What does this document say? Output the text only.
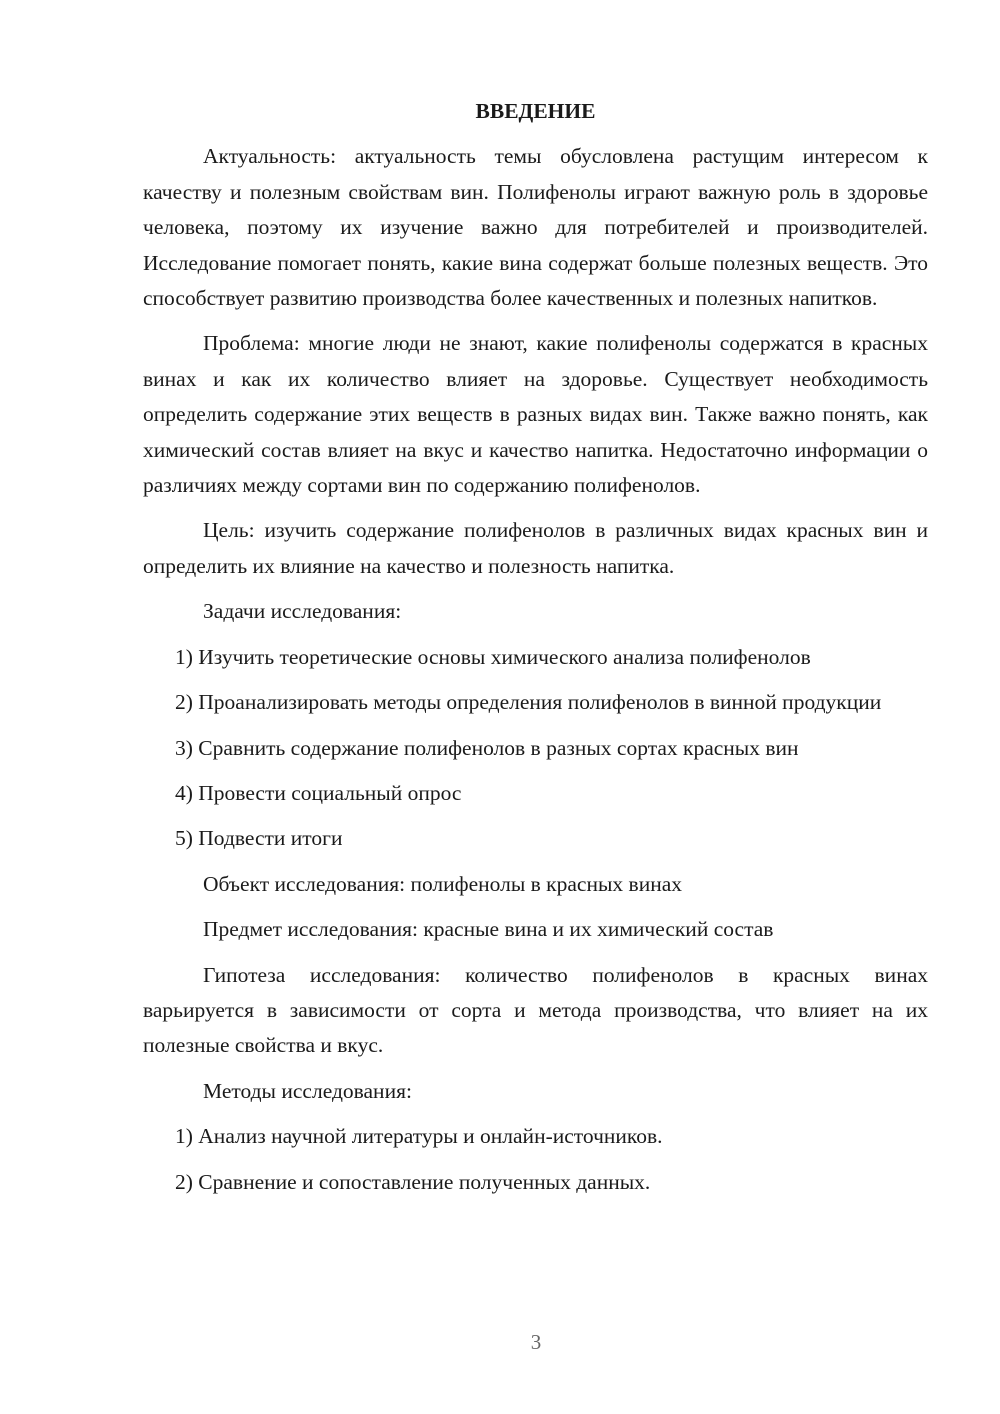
ВВЕДЕНИЕ

Актуальность: актуальность темы обусловлена растущим интересом к качеству и полезным свойствам вин. Полифенолы играют важную роль в здоровье человека, поэтому их изучение важно для потребителей и производителей. Исследование помогает понять, какие вина содержат больше полезных веществ. Это способствует развитию производства более качественных и полезных напитков.

Проблема: многие люди не знают, какие полифенолы содержатся в красных винах и как их количество влияет на здоровье. Существует необходимость определить содержание этих веществ в разных видах вин. Также важно понять, как химический состав влияет на вкус и качество напитка. Недостаточно информации о различиях между сортами вин по содержанию полифенолов.

Цель: изучить содержание полифенолов в различных видах красных вин и определить их влияние на качество и полезность напитка.

Задачи исследования:

1) Изучить теоретические основы химического анализа полифенолов

2) Проанализировать методы определения полифенолов в винной продукции

3) Сравнить содержание полифенолов в разных сортах красных вин

4) Провести социальный опрос

5) Подвести итоги

Объект исследования: полифенолы в красных винах

Предмет исследования: красные вина и их химический состав

Гипотеза исследования: количество полифенолов в красных винах варьируется в зависимости от сорта и метода производства, что влияет на их полезные свойства и вкус.

Методы исследования:

1) Анализ научной литературы и онлайн-источников.

2) Сравнение и сопоставление полученных данных.

3
